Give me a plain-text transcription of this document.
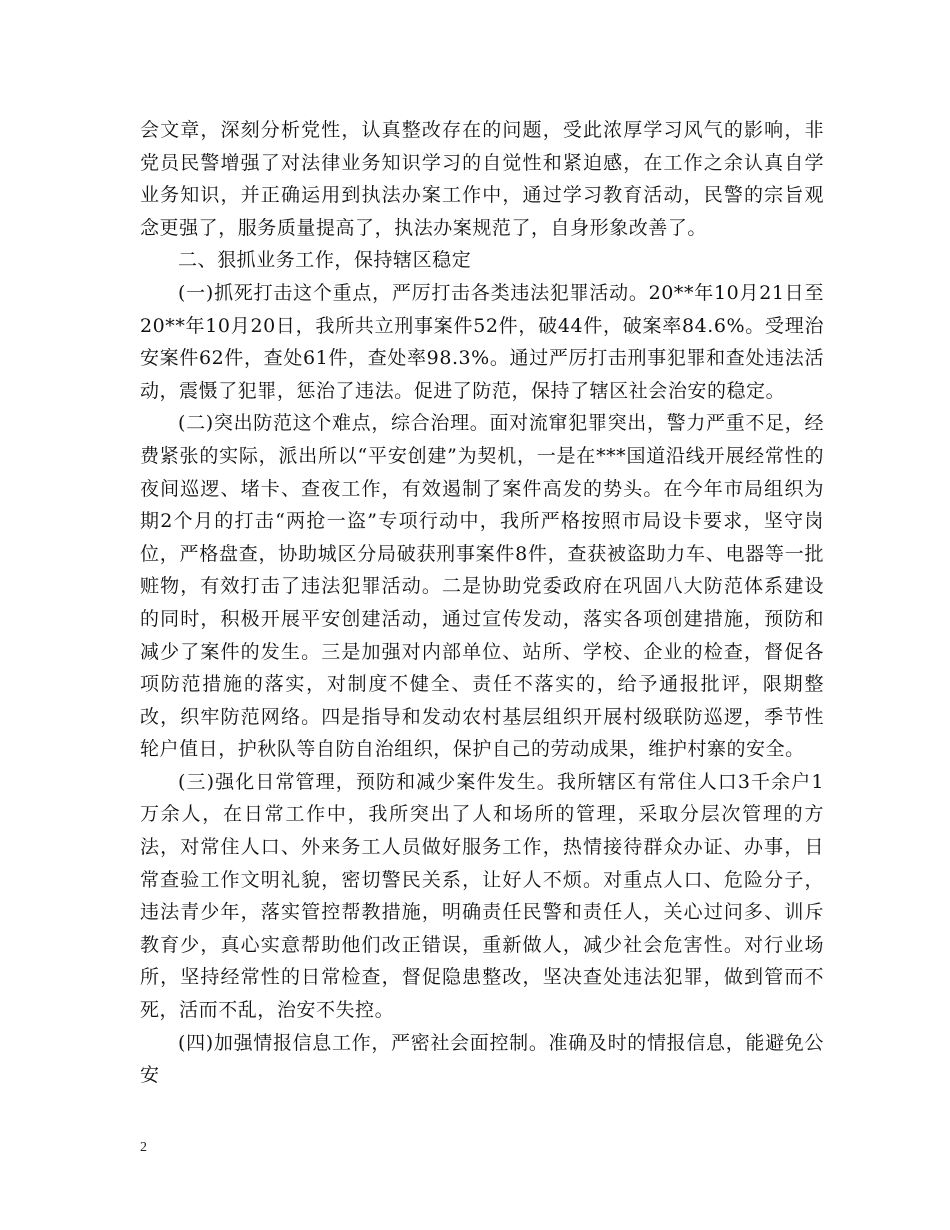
会文章，深刻分析党性，认真整改存在的问题，受此浓厚学习风气的影响，非党员民警增强了对法律业务知识学习的自觉性和紧迫感，在工作之余认真自学业务知识，并正确运用到执法办案工作中，通过学习教育活动，民警的宗旨观念更强了，服务质量提高了，执法办案规范了，自身形象改善了。

二、狠抓业务工作，保持辖区稳定

(一)抓死打击这个重点，严厉打击各类违法犯罪活动。20**年10月21日至20**年10月20日，我所共立刑事案件52件，破44件，破案率84.6%。受理治安案件62件，查处61件，查处率98.3%。通过严厉打击刑事犯罪和查处违法活动，震慑了犯罪，惩治了违法。促进了防范，保持了辖区社会治安的稳定。

(二)突出防范这个难点，综合治理。面对流窜犯罪突出，警力严重不足，经费紧张的实际，派出所以“平安创建”为契机，一是在***国道沿线开展经常性的夜间巡逻、堵卡、查夜工作，有效遏制了案件高发的势头。在今年市局组织为期2个月的打击“两抢一盗”专项行动中，我所严格按照市局设卡要求，坚守岗位，严格盘查，协助城区分局破获刑事案件8件，查获被盗助力车、电器等一批赃物，有效打击了违法犯罪活动。二是协助党委政府在巩固八大防范体系建设的同时，积极开展平安创建活动，通过宣传发动，落实各项创建措施，预防和减少了案件的发生。三是加强对内部单位、站所、学校、企业的检查，督促各项防范措施的落实，对制度不健全、责任不落实的，给予通报批评，限期整改，织牢防范网络。四是指导和发动农村基层组织开展村级联防巡逻，季节性轮户值日，护秋队等自防自治组织，保护自己的劳动成果，维护村寨的安全。

(三)强化日常管理，预防和减少案件发生。我所辖区有常住人口3千余户1万余人，在日常工作中，我所突出了人和场所的管理，采取分层次管理的方法，对常住人口、外来务工人员做好服务工作，热情接待群众办证、办事，日常查验工作文明礼貌，密切警民关系，让好人不烦。对重点人口、危险分子，违法青少年，落实管控帮教措施，明确责任民警和责任人，关心过问多、训斥教育少，真心实意帮助他们改正错误，重新做人，减少社会危害性。对行业场所，坚持经常性的日常检查，督促隐患整改，坚决查处违法犯罪，做到管而不死，活而不乱，治安不失控。

(四)加强情报信息工作，严密社会面控制。准确及时的情报信息，能避免公安

2
